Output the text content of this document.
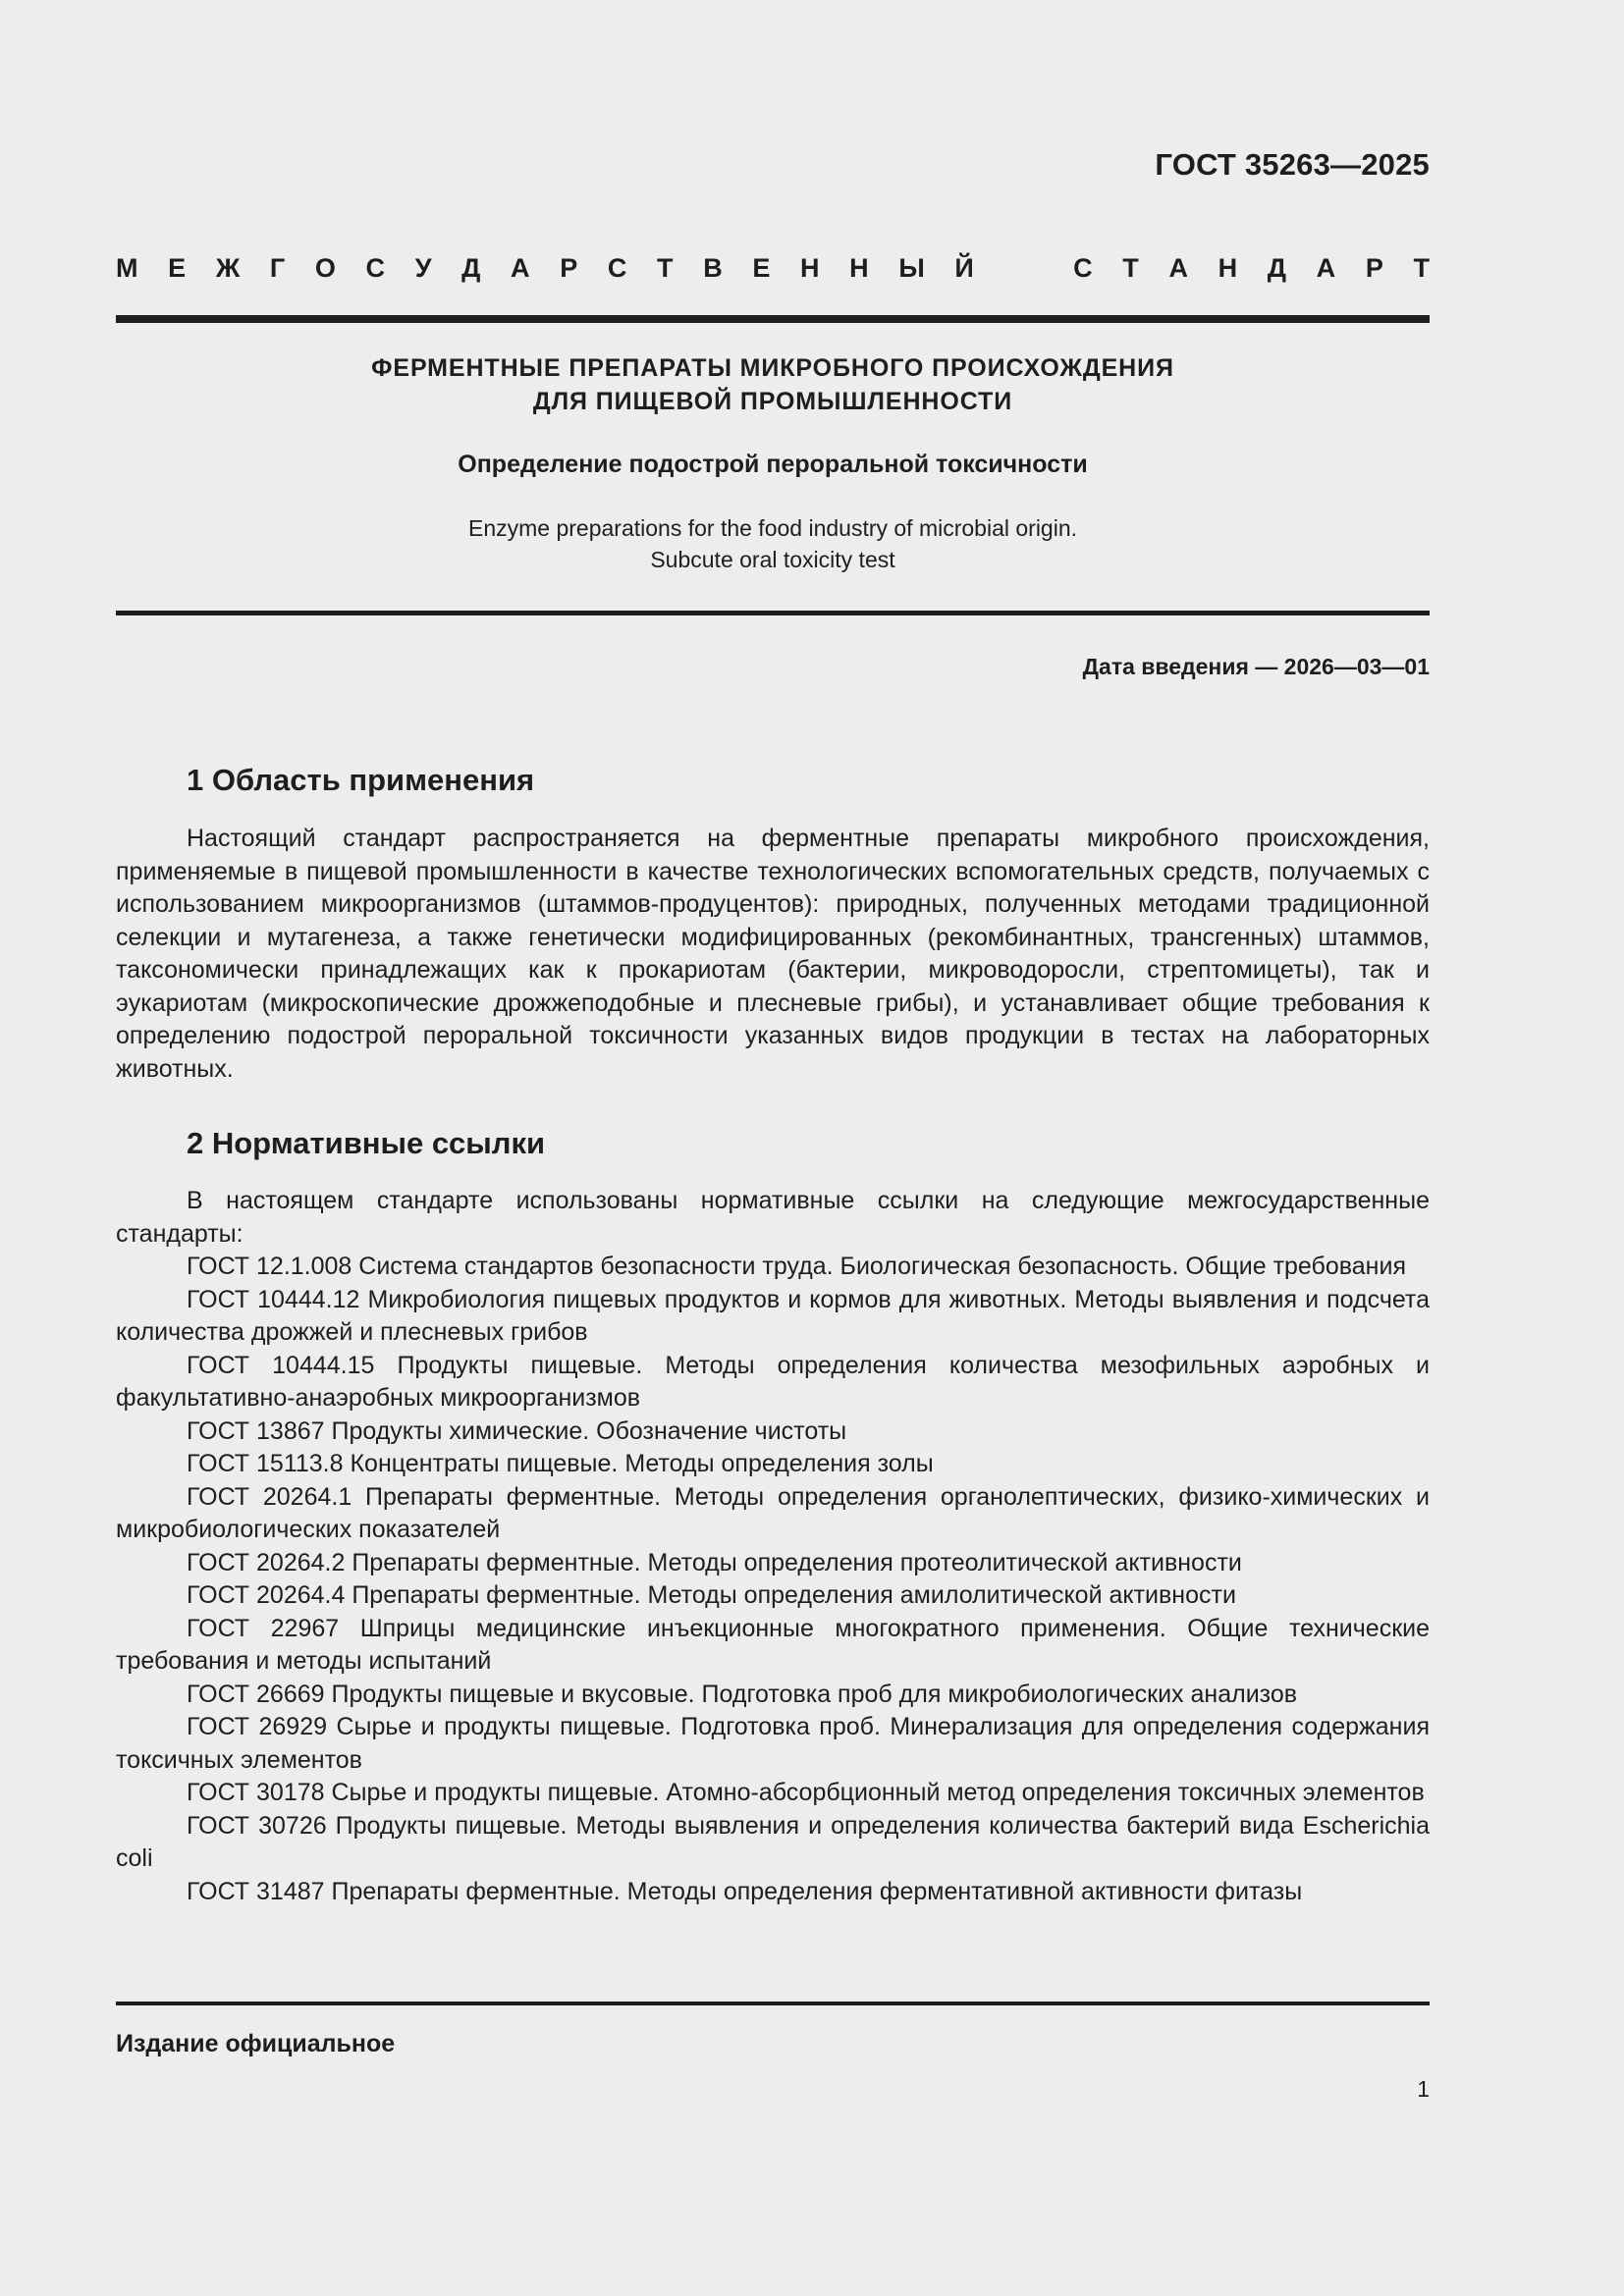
ГОСТ 35263—2025
М Е Ж Г О С У Д А Р С Т В Е Н Н Ы Й	С Т А Н Д А Р Т
ФЕРМЕНТНЫЕ ПРЕПАРАТЫ МИКРОБНОГО ПРОИСХОЖДЕНИЯ
ДЛЯ ПИЩЕВОЙ ПРОМЫШЛЕННОСТИ
Определение подострой пероральной токсичности
Enzyme preparations for the food industry of microbial origin.
Subcute oral toxicity test
Дата введения — 2026—03—01
1 Область применения

Настоящий стандарт распространяется на ферментные препараты микробного происхождения, применяемые в пищевой промышленности в качестве технологических вспомогательных средств, получаемых с использованием микроорганизмов (штаммов-продуцентов): природных, полученных методами традиционной селекции и мутагенеза, а также генетически модифицированных (рекомбинантных, трансгенных) штаммов, таксономически принадлежащих как к прокариотам (бактерии, микроводоросли, стрептомицеты), так и эукариотам (микроскопические дрожжеподобные и плесневые грибы), и устанавливает общие требования к определению подострой пероральной токсичности указанных видов продукции в тестах на лабораторных животных.

2 Нормативные ссылки

В настоящем стандарте использованы нормативные ссылки на следующие межгосударственные стандарты:

ГОСТ 12.1.008 Система стандартов безопасности труда. Биологическая безопасность. Общие требования
ГОСТ 10444.12 Микробиология пищевых продуктов и кормов для животных. Методы выявления и подсчета количества дрожжей и плесневых грибов
ГОСТ 10444.15 Продукты пищевые. Методы определения количества мезофильных аэробных и факультативно-анаэробных микроорганизмов
ГОСТ 13867 Продукты химические. Обозначение чистоты
ГОСТ 15113.8 Концентраты пищевые. Методы определения золы
ГОСТ 20264.1 Препараты ферментные. Методы определения органолептических, физико-химических и микробиологических показателей
ГОСТ 20264.2 Препараты ферментные. Методы определения протеолитической активности
ГОСТ 20264.4 Препараты ферментные. Методы определения амилолитической активности
ГОСТ 22967 Шприцы медицинские инъекционные многократного применения. Общие технические требования и методы испытаний
ГОСТ 26669 Продукты пищевые и вкусовые. Подготовка проб для микробиологических анализов
ГОСТ 26929 Сырье и продукты пищевые. Подготовка проб. Минерализация для определения содержания токсичных элементов
ГОСТ 30178 Сырье и продукты пищевые. Атомно-абсорбционный метод определения токсичных элементов
ГОСТ 30726 Продукты пищевые. Методы выявления и определения количества бактерий вида Escherichia coli
ГОСТ 31487 Препараты ферментные. Методы определения ферментативной активности фитазы
Издание официальное
1
